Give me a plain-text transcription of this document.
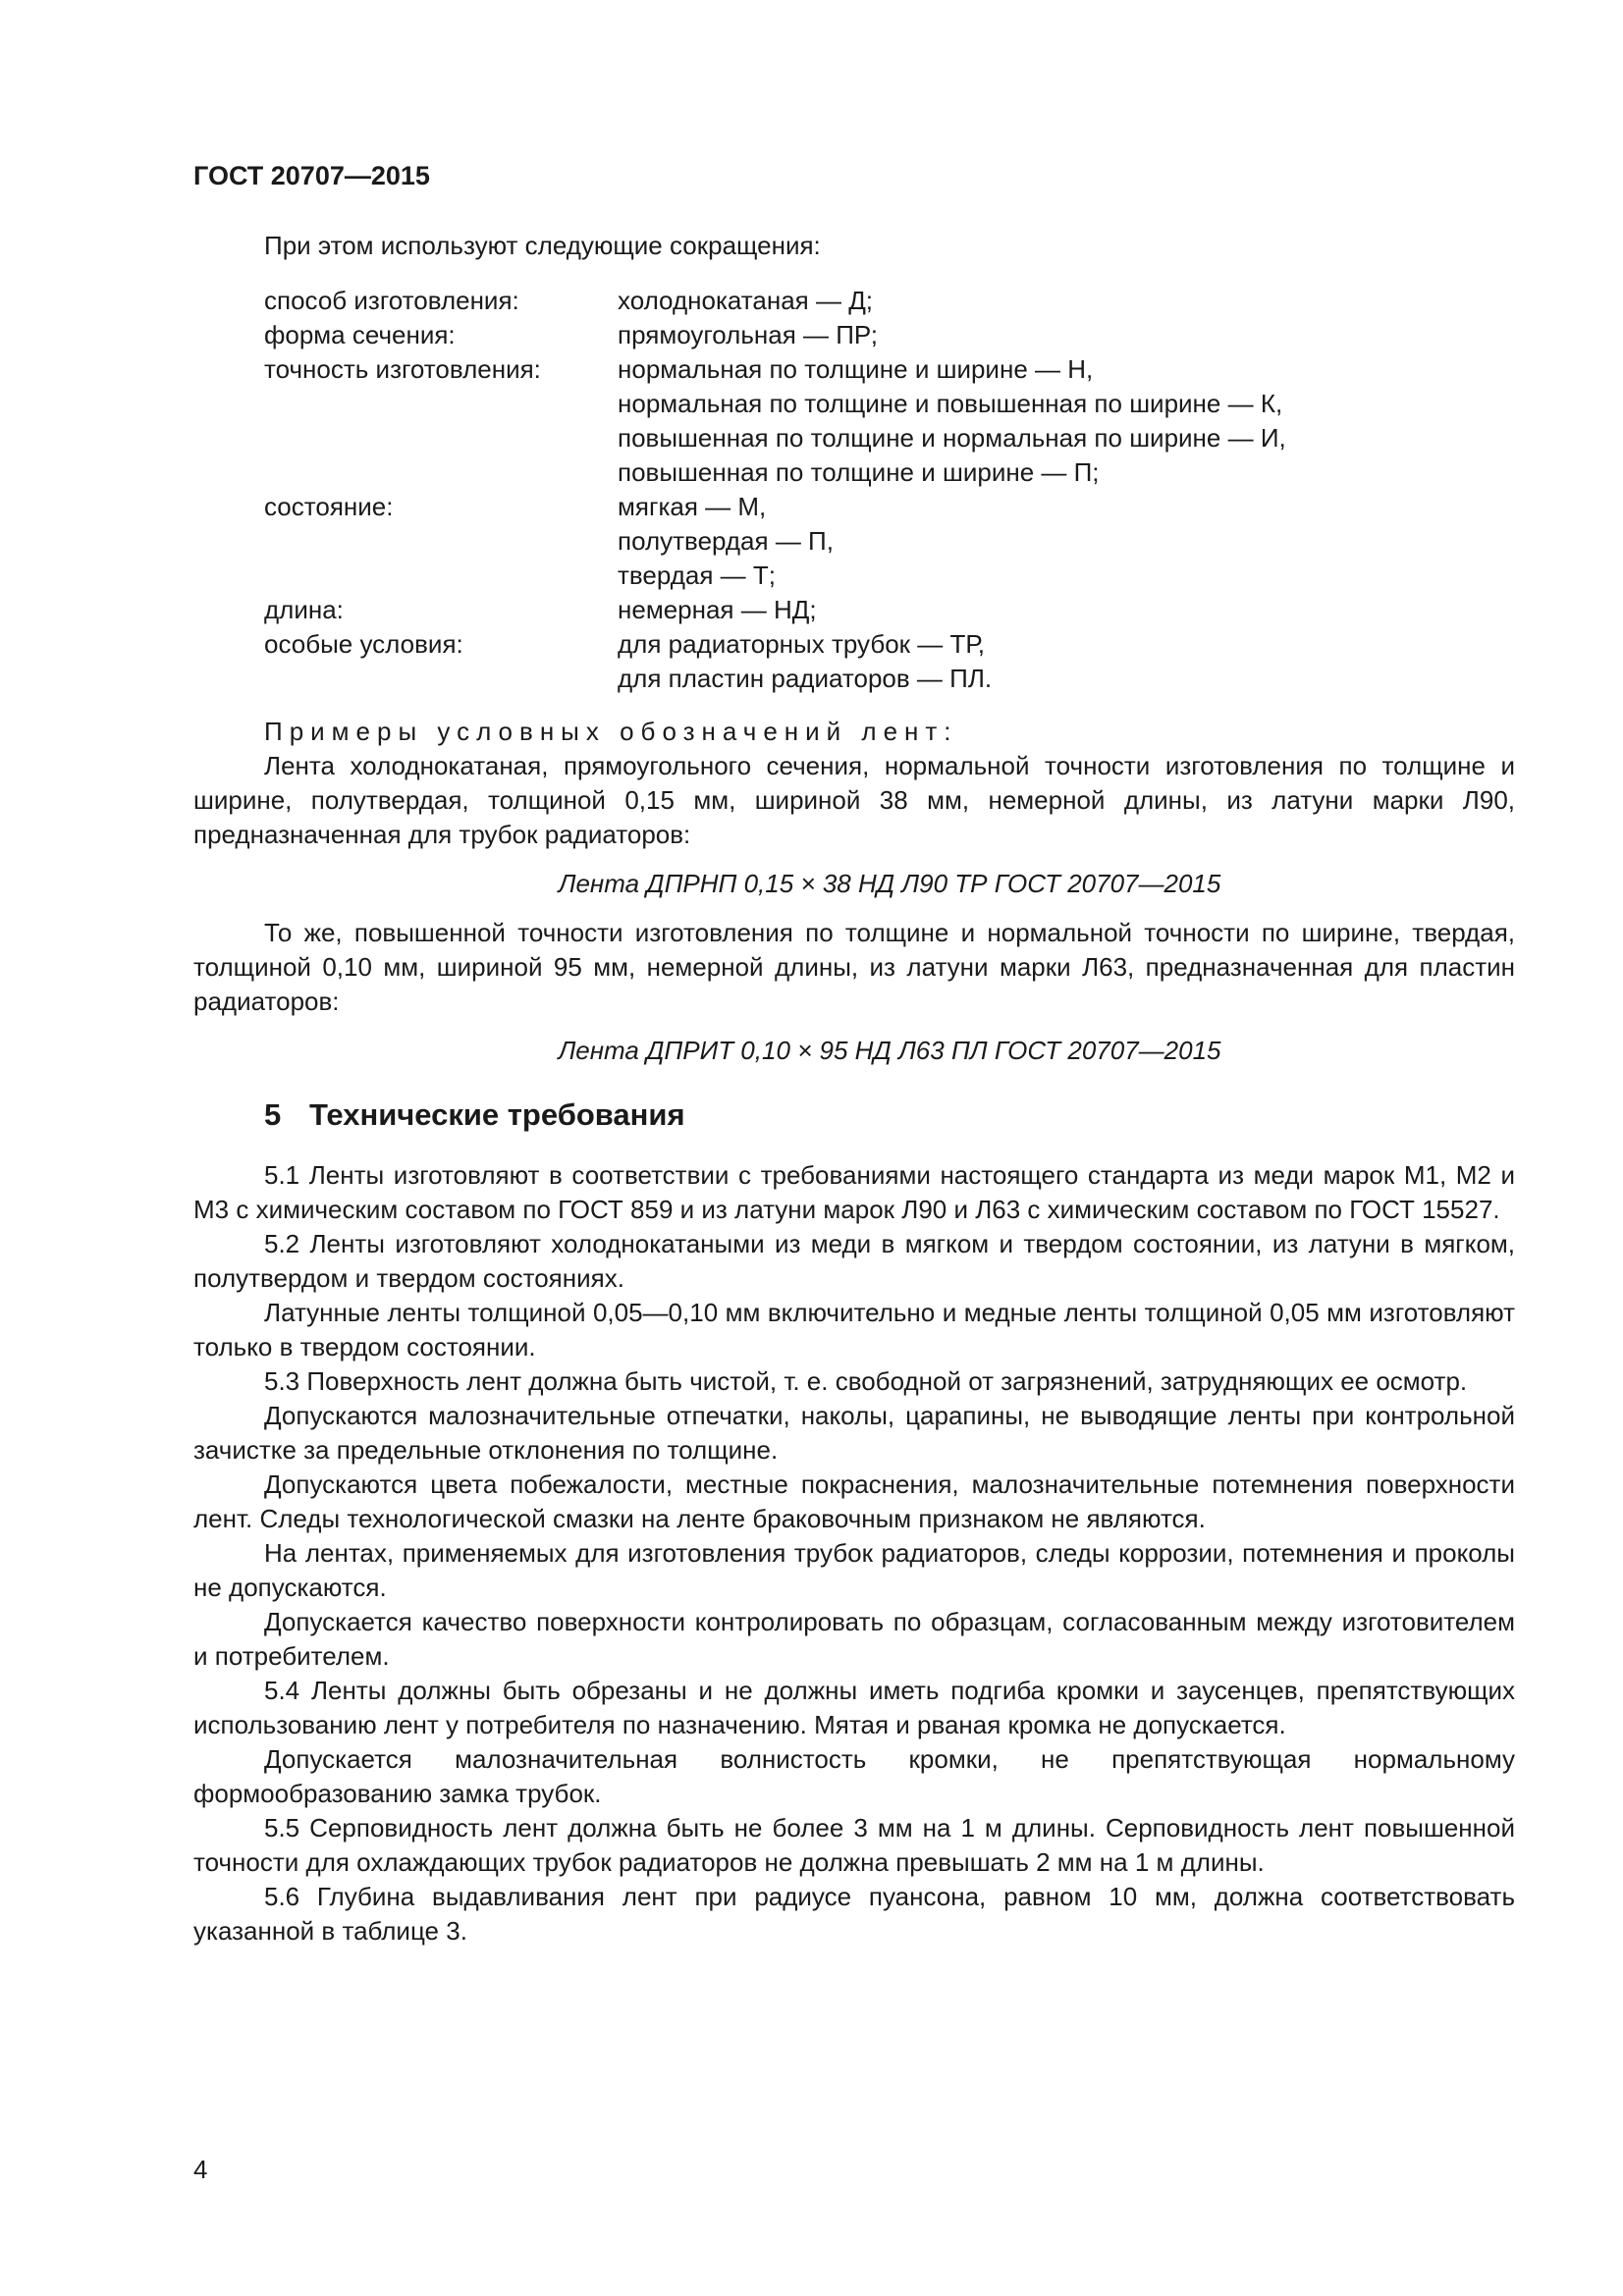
ГОСТ 20707—2015

При этом используют следующие сокращения:

способ изготовления:	холоднокатаная — Д;
форма сечения:	прямоугольная — ПР;
точность изготовления:	нормальная по толщине и ширине — Н,
нормальная по толщине и повышенная по ширине — К,
повышенная по толщине и нормальная по ширине — И,
повышенная по толщине и ширине — П;
состояние:	мягкая — М,
полутвердая — П,
твердая — Т;
длина:	немерная — НД;
особые условия:	для радиаторных трубок — ТР,
для пластин радиаторов — ПЛ.

Примеры условных обозначений лент:

Лента холоднокатаная, прямоугольного сечения, нормальной точности изготовления по толщине и ширине, полутвердая, толщиной 0,15 мм, шириной 38 мм, немерной длины, из латуни марки Л90, предназначенная для трубок радиаторов:

Лента ДПРНП 0,15 × 38 НД Л90 ТР ГОСТ 20707—2015

То же, повышенной точности изготовления по толщине и нормальной точности по ширине, твердая, толщиной 0,10 мм, шириной 95 мм, немерной длины, из латуни марки Л63, предназначенная для пластин радиаторов:

Лента ДПРИТ 0,10 × 95 НД Л63 ПЛ ГОСТ 20707—2015

5 Технические требования

5.1 Ленты изготовляют в соответствии с требованиями настоящего стандарта из меди марок М1, М2 и М3 с химическим составом по ГОСТ 859 и из латуни марок Л90 и Л63 с химическим составом по ГОСТ 15527.

5.2 Ленты изготовляют холоднокатаными из меди в мягком и твердом состоянии, из латуни в мягком, полутвердом и твердом состояниях.

Латунные ленты толщиной 0,05—0,10 мм включительно и медные ленты толщиной 0,05 мм изготовляют только в твердом состоянии.

5.3 Поверхность лент должна быть чистой, т. е. свободной от загрязнений, затрудняющих ее осмотр.

Допускаются малозначительные отпечатки, наколы, царапины, не выводящие ленты при контрольной зачистке за предельные отклонения по толщине.

Допускаются цвета побежалости, местные покраснения, малозначительные потемнения поверхности лент. Следы технологической смазки на ленте браковочным признаком не являются.

На лентах, применяемых для изготовления трубок радиаторов, следы коррозии, потемнения и проколы не допускаются.

Допускается качество поверхности контролировать по образцам, согласованным между изготовителем и потребителем.

5.4 Ленты должны быть обрезаны и не должны иметь подгиба кромки и заусенцев, препятствующих использованию лент у потребителя по назначению. Мятая и рваная кромка не допускается.

Допускается малозначительная волнистость кромки, не препятствующая нормальному формообразованию замка трубок.

5.5 Серповидность лент должна быть не более 3 мм на 1 м длины. Серповидность лент повышенной точности для охлаждающих трубок радиаторов не должна превышать 2 мм на 1 м длины.

5.6 Глубина выдавливания лент при радиусе пуансона, равном 10 мм, должна соответствовать указанной в таблице 3.

4
